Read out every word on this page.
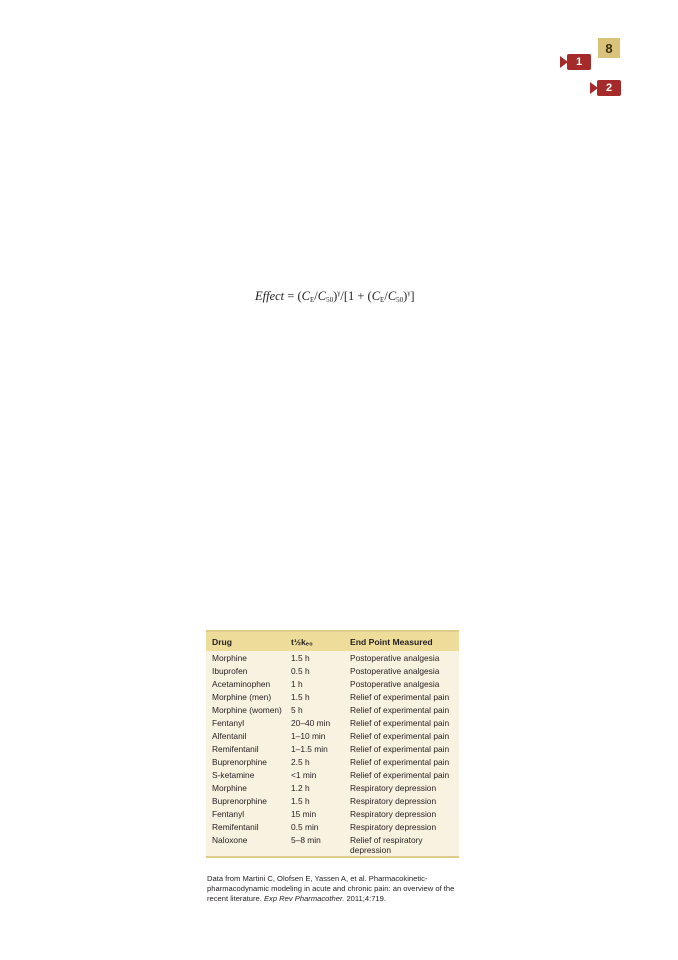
8
1
2
Effect = $(C_E/C_{50})^\gamma/[1 + (C_E/C_{50})^\gamma]$
Drug	t½kₑ₀	End Point Measured
Morphine	1.5 h	Postoperative analgesia
Ibuprofen	0.5 h	Postoperative analgesia
Acetaminophen	1 h	Postoperative analgesia
Morphine (men)	1.5 h	Relief of experimental pain
Morphine (women)	5 h	Relief of experimental pain
Fentanyl	20–40 min	Relief of experimental pain
Alfentanil	1–10 min	Relief of experimental pain
Remifentanil	1–1.5 min	Relief of experimental pain
Buprenorphine	2.5 h	Relief of experimental pain
S-ketamine	<1 min	Relief of experimental pain
Morphine	1.2 h	Respiratory depression
Buprenorphine	1.5 h	Respiratory depression
Fentanyl	15 min	Respiratory depression
Remifentanil	0.5 min	Respiratory depression
Naloxone	5–8 min	Relief of respiratory depression
Data from Martini C, Olofsen E, Yassen A, et al. Pharmacokinetic-pharmacodynamic modeling in acute and chronic pain: an overview of the recent literature. Exp Rev Pharmacother. 2011;4:719.
